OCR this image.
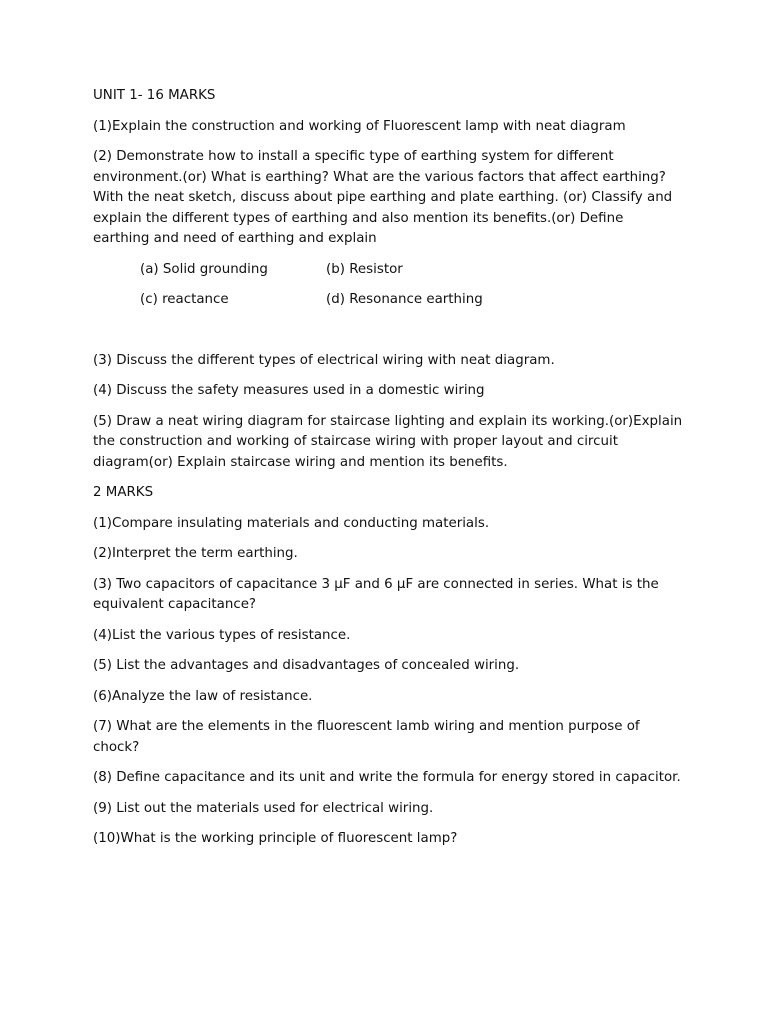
UNIT 1- 16 MARKS

(1)Explain the construction and working of Fluorescent lamp with neat diagram

(2) Demonstrate how to install a specific type of earthing system for different environment.(or) What is earthing? What are the various factors that affect earthing? With the neat sketch, discuss about pipe earthing and plate earthing. (or) Classify and explain the different types of earthing and also mention its benefits.(or) Define earthing and need of earthing and explain

(a) Solid grounding	(b) Resistor
(c) reactance	(d) Resonance earthing

(3) Discuss the different types of electrical wiring with neat diagram.

(4) Discuss the safety measures used in a domestic wiring

(5) Draw a neat wiring diagram for staircase lighting and explain its working.(or)Explain the construction and working of staircase wiring with proper layout and circuit diagram(or) Explain staircase wiring and mention its benefits.

2 MARKS

(1)Compare insulating materials and conducting materials.

(2)Interpret the term earthing.

(3) Two capacitors of capacitance 3 μF and 6 μF are connected in series. What is the equivalent capacitance?

(4)List the various types of resistance.

(5) List the advantages and disadvantages of concealed wiring.

(6)Analyze the law of resistance.

(7) What are the elements in the fluorescent lamb wiring and mention purpose of chock?

(8) Define capacitance and its unit and write the formula for energy stored in capacitor.

(9) List out the materials used for electrical wiring.

(10)What is the working principle of fluorescent lamp?
